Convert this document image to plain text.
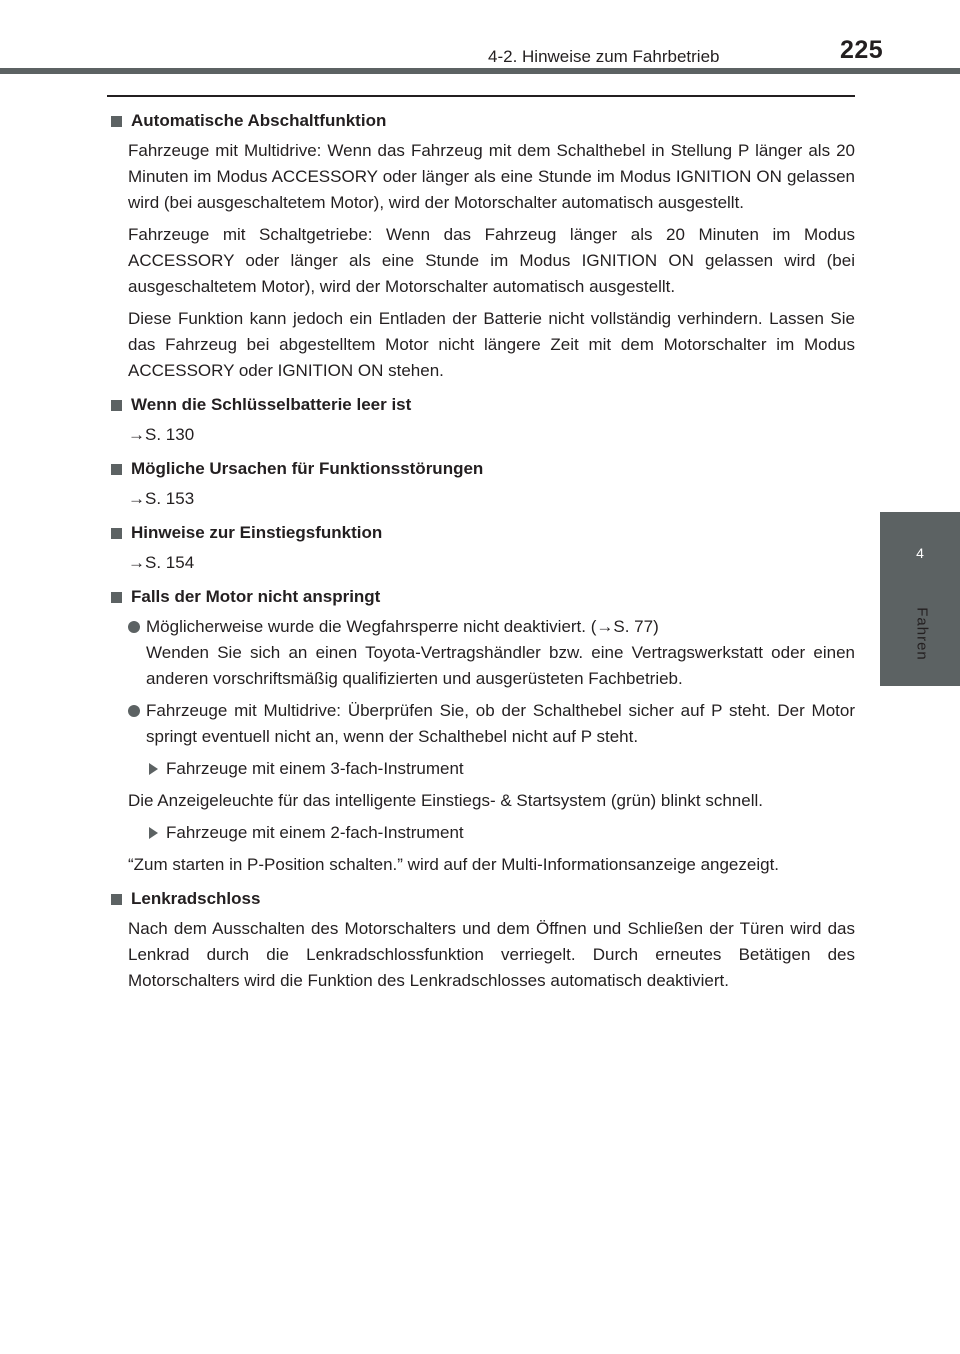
4-2. Hinweise zum Fahrbetrieb	225
4
Fahren
Automatische Abschaltfunktion
Fahrzeuge mit Multidrive: Wenn das Fahrzeug mit dem Schalthebel in Stellung P länger als 20 Minuten im Modus ACCESSORY oder länger als eine Stunde im Modus IGNITION ON gelassen wird (bei ausgeschaltetem Motor), wird der Motorschalter automatisch ausgestellt.
Fahrzeuge mit Schaltgetriebe: Wenn das Fahrzeug länger als 20 Minuten im Modus ACCESSORY oder länger als eine Stunde im Modus IGNITION ON gelassen wird (bei ausgeschaltetem Motor), wird der Motorschalter automatisch ausgestellt.
Diese Funktion kann jedoch ein Entladen der Batterie nicht vollständig verhindern. Lassen Sie das Fahrzeug bei abgestelltem Motor nicht längere Zeit mit dem Motorschalter im Modus ACCESSORY oder IGNITION ON stehen.
Wenn die Schlüsselbatterie leer ist
→S. 130
Mögliche Ursachen für Funktionsstörungen
→S. 153
Hinweise zur Einstiegsfunktion
→S. 154
Falls der Motor nicht anspringt
Möglicherweise wurde die Wegfahrsperre nicht deaktiviert. (→S. 77)
Wenden Sie sich an einen Toyota-Vertragshändler bzw. eine Vertragswerkstatt oder einen anderen vorschriftsmäßig qualifizierten und ausgerüsteten Fachbetrieb.
Fahrzeuge mit Multidrive: Überprüfen Sie, ob der Schalthebel sicher auf P steht. Der Motor springt eventuell nicht an, wenn der Schalthebel nicht auf P steht.
Fahrzeuge mit einem 3-fach-Instrument
Die Anzeigeleuchte für das intelligente Einstiegs- & Startsystem (grün) blinkt schnell.
Fahrzeuge mit einem 2-fach-Instrument
“Zum starten in P-Position schalten.” wird auf der Multi-Informationsanzeige angezeigt.
Lenkradschloss
Nach dem Ausschalten des Motorschalters und dem Öffnen und Schließen der Türen wird das Lenkrad durch die Lenkradschlossfunktion verriegelt. Durch erneutes Betätigen des Motorschalters wird die Funktion des Lenkradschlosses automatisch deaktiviert.
